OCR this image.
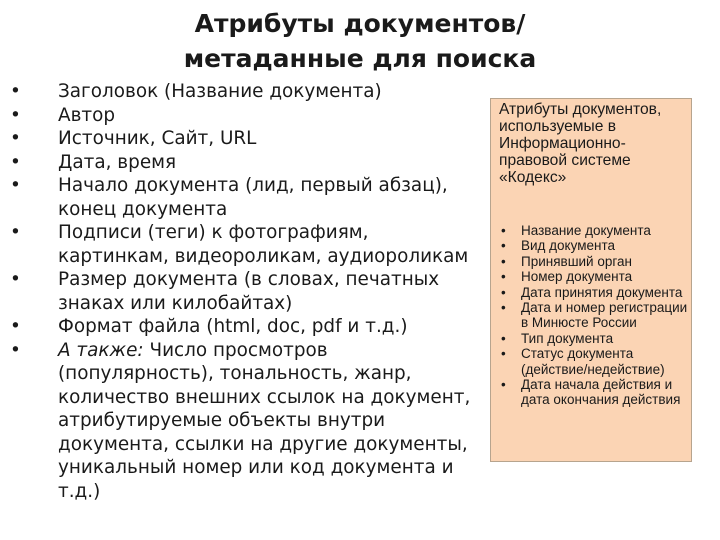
Атрибуты документов/
метаданные для поиска
• Заголовок (Название документа)
• Автор
• Источник, Сайт, URL
• Дата, время
• Начало документа (лид, первый абзац), конец документа
• Подписи (теги) к фотографиям, картинкам, видеороликам, аудиороликам
• Размер документа (в словах, печатных знаках или килобайтах)
• Формат файла (html, doc, pdf и т.д.)
• А также: Число просмотров (популярность), тональность, жанр, количество внешних ссылок на документ, атрибутируемые объекты внутри документа, ссылки на другие документы, уникальный номер или код документа и т.д.)

Атрибуты документов, используемые в Информационно-правовой системе «Кодекс»

• Название документа
• Вид документа
• Принявший орган
• Номер документа
• Дата принятия документа
• Дата и номер регистрации в Минюсте России
• Тип документа
• Статус документа (действие/недействие)
• Дата начала действия и дата окончания действия
